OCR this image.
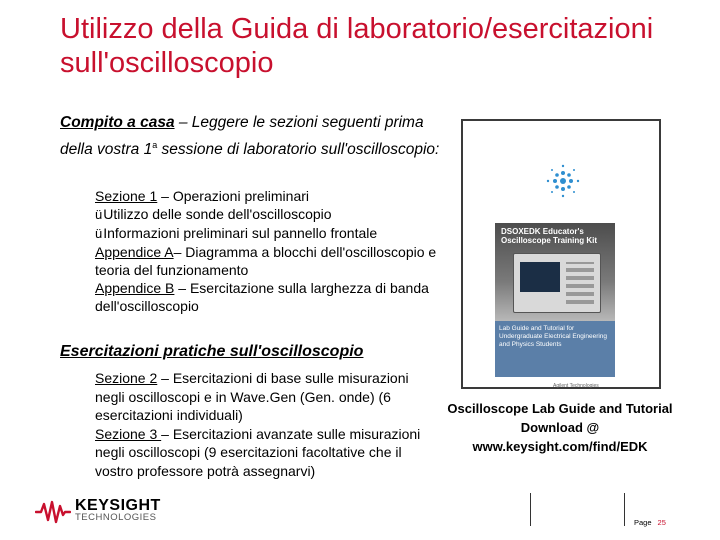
Utilizzo della Guida di laboratorio/esercitazioni sull'oscilloscopio
Compito a casa – Leggere le sezioni seguenti prima della vostra 1$^a$ sessione di laboratorio sull'oscilloscopio:
Sezione 1 – Operazioni preliminari
üUtilizzo delle sonde dell'oscilloscopio
üInformazioni preliminari sul pannello frontale
Appendice A– Diagramma a blocchi dell'oscilloscopio e teoria del funzionamento
Appendice B – Esercitazione sulla larghezza di banda dell'oscilloscopio
Esercitazioni pratiche sull'oscilloscopio
Sezione 2 – Esercitazioni di base sulle misurazioni negli oscilloscopi e in Wave.Gen (Gen. onde) (6 esercitazioni individuali)
Sezione 3 – Esercitazioni avanzate sulle misurazioni negli oscilloscopi (9 esercitazioni facoltative che il vostro professore potrà assegnarvi)
DSOXEDK Educator's Oscilloscope Training Kit
Lab Guide and Tutorial for Undergraduate Electrical Engineering and Physics Students
Agilent Technologies
Oscilloscope Lab Guide and Tutorial
Download @
www.keysight.com/find/EDK
KEYSIGHT
TECHNOLOGIES	Page 25
